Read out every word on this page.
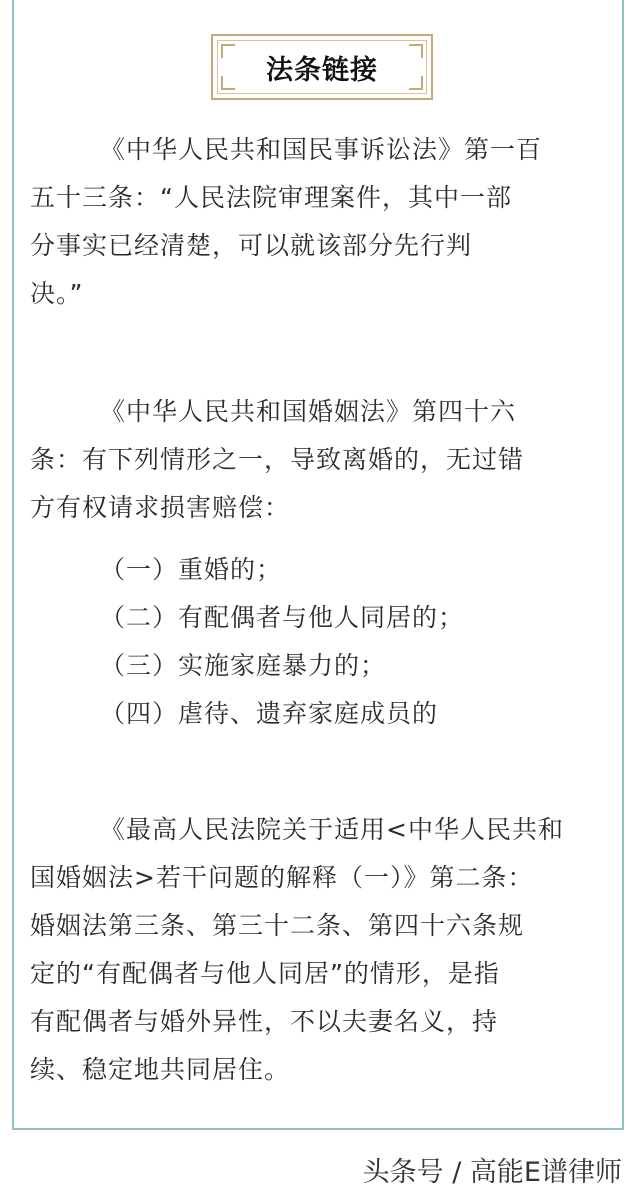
法条链接
《中华人民共和国民事诉讼法》第一百
五十三条：“人民法院审理案件，其中一部
分事实已经清楚，可以就该部分先行判
决。”
《中华人民共和国婚姻法》第四十六
条：有下列情形之一，导致离婚的，无过错
方有权请求损害赔偿：
（一）重婚的；
（二）有配偶者与他人同居的；
（三）实施家庭暴力的；
（四）虐待、遗弃家庭成员的
《最高人民法院关于适用<中华人民共和
国婚姻法>若干问题的解释（一）》第二条：
婚姻法第三条、第三十二条、第四十六条规
定的“有配偶者与他人同居”的情形，是指
有配偶者与婚外异性，不以夫妻名义，持
续、稳定地共同居住。
头条号 / 高能E谱律师
